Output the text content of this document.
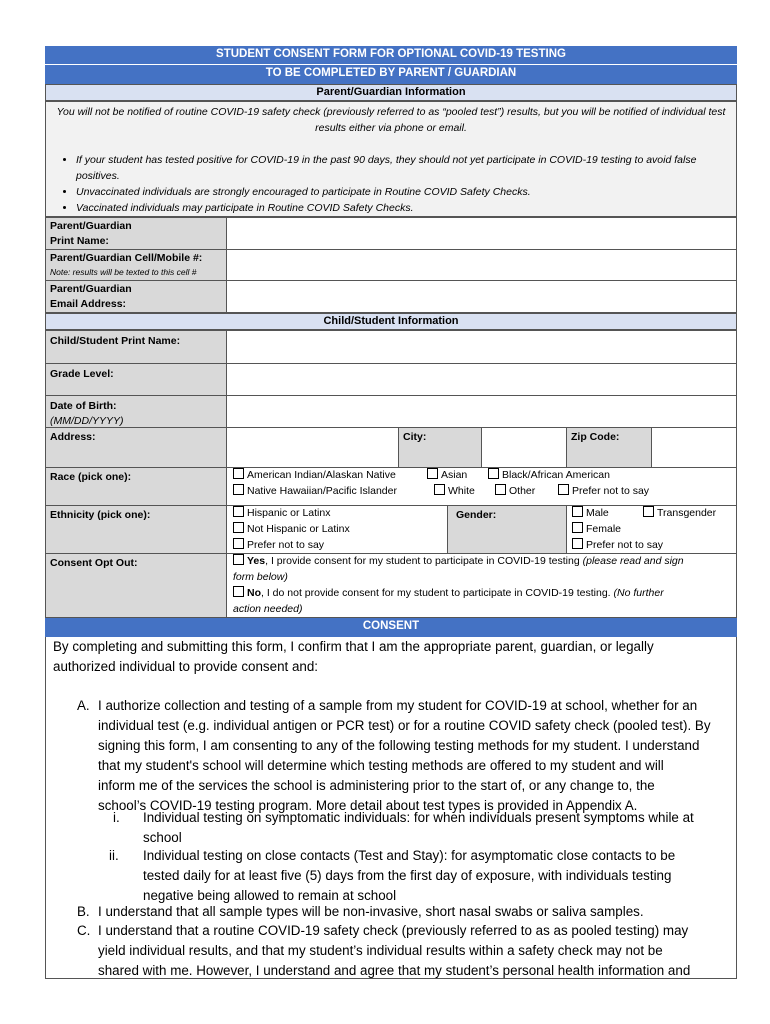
STUDENT CONSENT FORM FOR OPTIONAL COVID-19 TESTING
TO BE COMPLETED BY PARENT / GUARDIAN
Parent/Guardian Information
You will not be notified of routine COVID-19 safety check (previously referred to as “pooled test”) results, but you will be notified of individual test results either via phone or email.
• If your student has tested positive for COVID-19 in the past 90 days, they should not yet participate in COVID-19 testing to avoid false positives.
• Unvaccinated individuals are strongly encouraged to participate in Routine COVID Safety Checks.
• Vaccinated individuals may participate in Routine COVID Safety Checks.
Parent/Guardian
Print Name:
Parent/Guardian Cell/Mobile #:
Note: results will be texted to this cell #
Parent/Guardian
Email Address:
Child/Student Information
Child/Student Print Name:
Grade Level:
Date of Birth:
(MM/DD/YYYY)
Address:	City:	Zip Code:
Race (pick one):	American Indian/Alaskan Native	Asian	Black/African American
Native Hawaiian/Pacific Islander	White	Other	Prefer not to say
Ethnicity (pick one):	Hispanic or Latinx
Not Hispanic or Latinx
Prefer not to say
Gender:	Male	Transgender
Female
Prefer not to say
Consent Opt Out:	Yes, I provide consent for my student to participate in COVID-19 testing (please read and sign
form below)
No, I do not provide consent for my student to participate in COVID-19 testing. (No further
action needed)
CONSENT
By completing and submitting this form, I confirm that I am the appropriate parent, guardian, or legally
authorized individual to provide consent and:
A. I authorize collection and testing of a sample from my student for COVID-19 at school, whether for an
individual test (e.g. individual antigen or PCR test) or for a routine COVID safety check (pooled test). By
signing this form, I am consenting to any of the following testing methods for my student. I understand
that my student's school will determine which testing methods are offered to my student and will
inform me of the services the school is administering prior to the start of, or any change to, the
school’s COVID-19 testing program. More detail about test types is provided in Appendix A.
i. Individual testing on symptomatic individuals: for when individuals present symptoms while at
school
ii. Individual testing on close contacts (Test and Stay): for asymptomatic close contacts to be
tested daily for at least five (5) days from the first day of exposure, with individuals testing
negative being allowed to remain at school
B. I understand that all sample types will be non-invasive, short nasal swabs or saliva samples.
C. I understand that a routine COVID-19 safety check (previously referred to as as pooled testing) may
yield individual results, and that my student’s individual results within a safety check may not be
shared with me. However, I understand and agree that my student’s personal health information and
